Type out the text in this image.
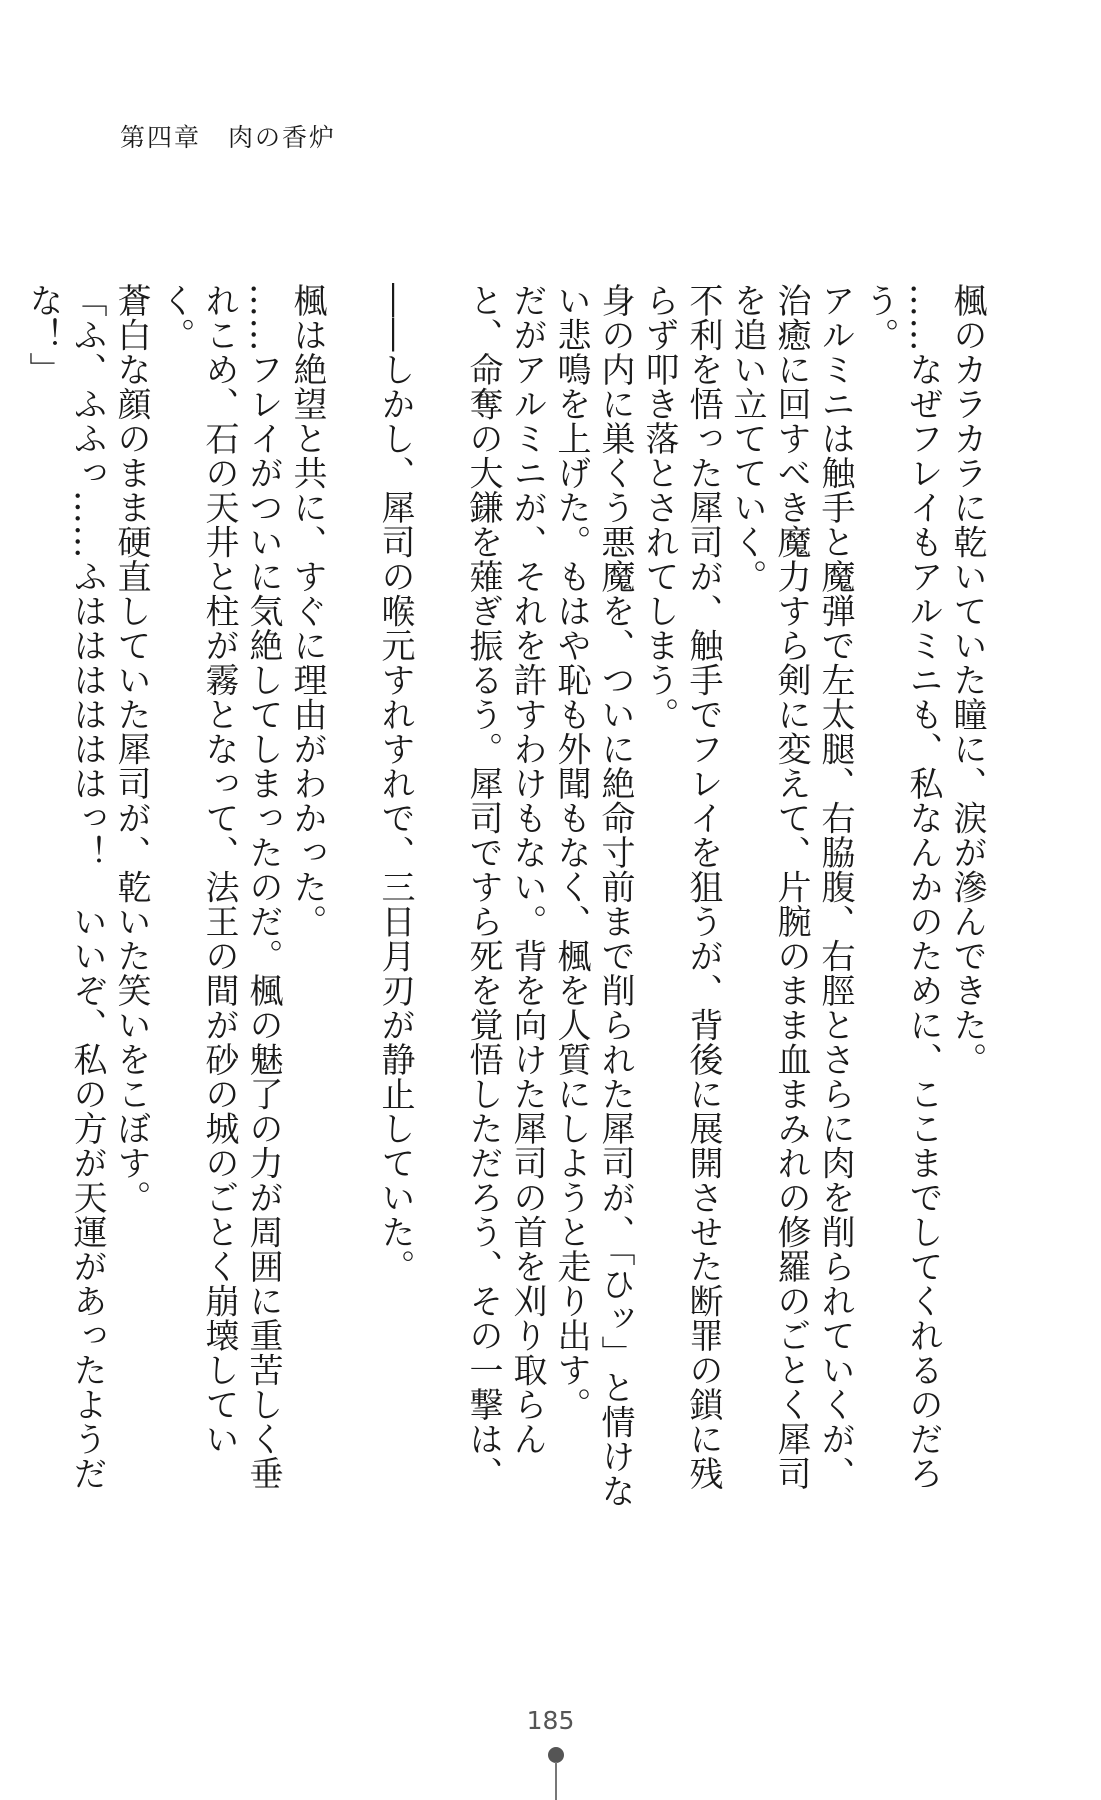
第四章　肉の香炉

楓のカラカラに乾いていた瞳に、涙が滲んできた。

……なぜフレイもアルミニも、私なんかのために、ここまでしてくれるのだろう。

アルミニは触手と魔弾で左太腿、右脇腹、右脛とさらに肉を削られていくが、治癒に回すべき魔力すら剣に変えて、片腕のまま血まみれの修羅のごとく犀司を追い立てていく。

不利を悟った犀司が、触手でフレイを狙うが、背後に展開させた断罪の鎖に残らず叩き落とされてしまう。

身の内に巣くう悪魔を、ついに絶命寸前まで削られた犀司が、「ひッ」と情けない悲鳴を上げた。もはや恥も外聞もなく、楓を人質にしようと走り出す。

だがアルミニが、それを許すわけもない。背を向けた犀司の首を刈り取らんと、命奪の大鎌を薙ぎ振るう。犀司ですら死を覚悟しただろう、その一撃は、

――しかし、犀司の喉元すれすれで、三日月刃が静止していた。

楓は絶望と共に、すぐに理由がわかった。

……フレイがついに気絶してしまったのだ。楓の魅了の力が周囲に重苦しく垂れこめ、石の天井と柱が霧となって、法王の間が砂の城のごとく崩壊していく。

蒼白な顔のまま硬直していた犀司が、乾いた笑いをこぼす。

「ふ、ふふっ……ふははははははっ！　いいぞ、私の方が天運があったようだな！」

185
